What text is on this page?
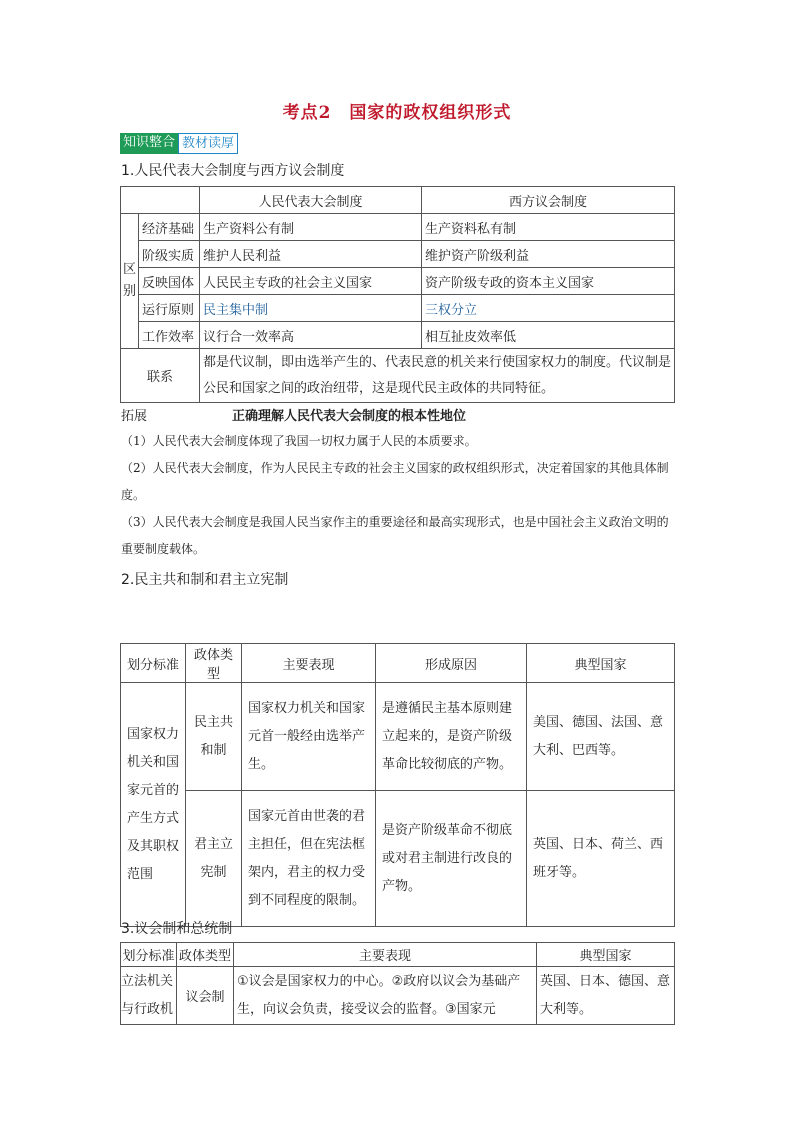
考点2　国家的政权组织形式
知识整合 教材读厚
1.人民代表大会制度与西方议会制度
		人民代表大会制度	西方议会制度
区别	经济基础	生产资料公有制	生产资料私有制
	阶级实质	维护人民利益	维护资产阶级利益
	反映国体	人民民主专政的社会主义国家	资产阶级专政的资本主义国家
	运行原则	民主集中制	三权分立
	工作效率	议行合一效率高	相互扯皮效率低
联系		都是代议制，即由选举产生的、代表民意的机关来行使国家权力的制度。代议制是公民和国家之间的政治纽带，这是现代民主政体的共同特征。	
拓展	正确理解人民代表大会制度的根本性地位
（1）人民代表大会制度体现了我国一切权力属于人民的本质要求。
（2）人民代表大会制度，作为人民民主专政的社会主义国家的政权组织形式，决定着国家的其他具体制度。
（3）人民代表大会制度是我国人民当家作主的重要途径和最高实现形式，也是中国社会主义政治文明的重要制度载体。
2.民主共和制和君主立宪制
划分标准	政体类型	主要表现	形成原因	典型国家
国家权力机关和国家元首的产生方式及其职权范围	民主共和制	国家权力机关和国家元首一般经由选举产生。	是遵循民主基本原则建立起来的，是资产阶级革命比较彻底的产物。	美国、德国、法国、意大利、巴西等。
	君主立宪制	国家元首由世袭的君主担任，但在宪法框架内，君主的权力受到不同程度的限制。	是资产阶级革命不彻底或对君主制进行改良的产物。	英国、日本、荷兰、西班牙等。
3.议会制和总统制
划分标准	政体类型	主要表现	典型国家
立法机关与行政机	议会制	①议会是国家权力的中心。②政府以议会为基础产生，向议会负责，接受议会的监督。③国家元	英国、日本、德国、意大利等。
